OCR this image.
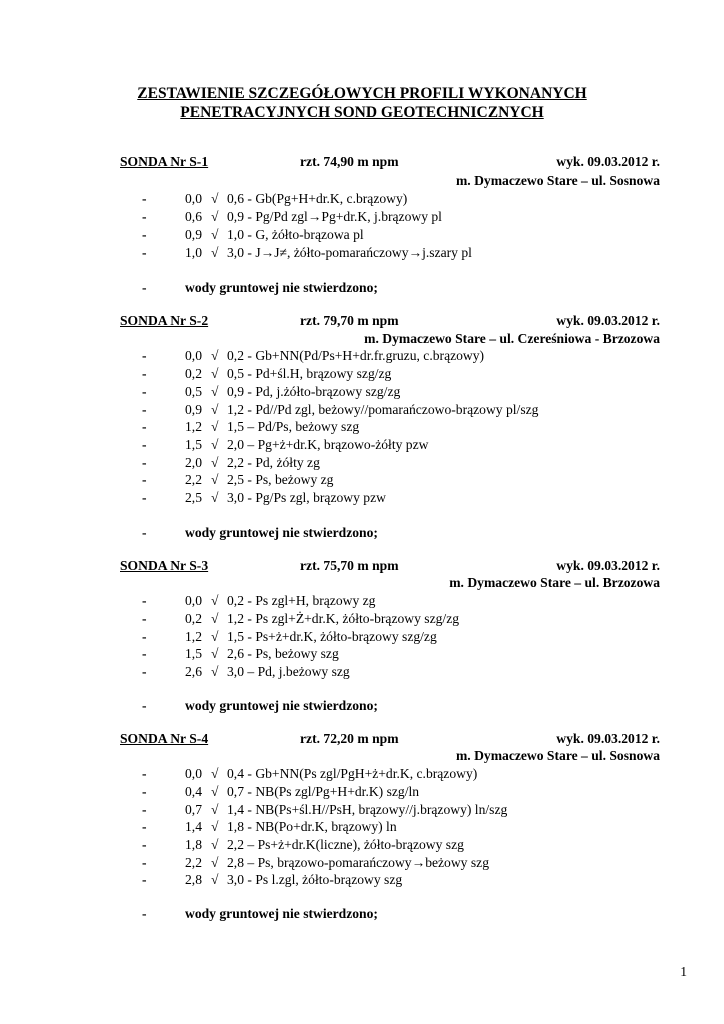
ZESTAWIENIE SZCZEGÓŁOWYCH PROFILI WYKONANYCH
PENETRACYJNYCH SOND GEOTECHNICZNYCH
SONDA Nr S-1	rzt. 74,90 m npm	wyk. 09.03.2012 r.
m. Dymaczewo Stare – ul. Sosnowa
-	0,0 √ 0,6 - Gb(Pg+H+dr.K, c.brązowy)
-	0,6 √ 0,9 - Pg/Pd zgl→Pg+dr.K, j.brązowy pl
-	0,9 √ 1,0 - G, żółto-brązowa pl
-	1,0 √ 3,0 - J→J≠, żółto-pomarańczowy→j.szary pl
-	wody gruntowej nie stwierdzono;
SONDA Nr S-2	rzt. 79,70 m npm	wyk. 09.03.2012 r.
m. Dymaczewo Stare – ul. Czereśniowa - Brzozowa
-	0,0 √ 0,2 - Gb+NN(Pd/Ps+H+dr.fr.gruzu, c.brązowy)
-	0,2 √ 0,5 - Pd+śl.H, brązowy szg/zg
-	0,5 √ 0,9 - Pd, j.żółto-brązowy szg/zg
-	0,9 √ 1,2 - Pd//Pd zgl, beżowy//pomarańczowo-brązowy pl/szg
-	1,2 √ 1,5 – Pd/Ps, beżowy szg
-	1,5 √ 2,0 – Pg+ż+dr.K, brązowo-żółty pzw
-	2,0 √ 2,2 - Pd, żółty zg
-	2,2 √ 2,5 - Ps, beżowy zg
-	2,5 √ 3,0 - Pg/Ps zgl, brązowy pzw
-	wody gruntowej nie stwierdzono;
SONDA Nr S-3	rzt. 75,70 m npm	wyk. 09.03.2012 r.
m. Dymaczewo Stare – ul. Brzozowa
-	0,0 √ 0,2 - Ps zgl+H, brązowy zg
-	0,2 √ 1,2 - Ps zgl+Ż+dr.K, żółto-brązowy szg/zg
-	1,2 √ 1,5 - Ps+ż+dr.K, żółto-brązowy szg/zg
-	1,5 √ 2,6 - Ps, beżowy szg
-	2,6 √ 3,0 – Pd, j.beżowy szg
-	wody gruntowej nie stwierdzono;
SONDA Nr S-4	rzt. 72,20 m npm	wyk. 09.03.2012 r.
m. Dymaczewo Stare – ul. Sosnowa
-	0,0 √ 0,4 - Gb+NN(Ps zgl/PgH+ż+dr.K, c.brązowy)
-	0,4 √ 0,7 - NB(Ps zgl/Pg+H+dr.K) szg/ln
-	0,7 √ 1,4 - NB(Ps+śl.H//PsH, brązowy//j.brązowy) ln/szg
-	1,4 √ 1,8 - NB(Po+dr.K, brązowy) ln
-	1,8 √ 2,2 – Ps+ż+dr.K(liczne), żółto-brązowy szg
-	2,2 √ 2,8 – Ps, brązowo-pomarańczowy→beżowy szg
-	2,8 √ 3,0 - Ps l.zgl, żółto-brązowy szg
-	wody gruntowej nie stwierdzono;
1
